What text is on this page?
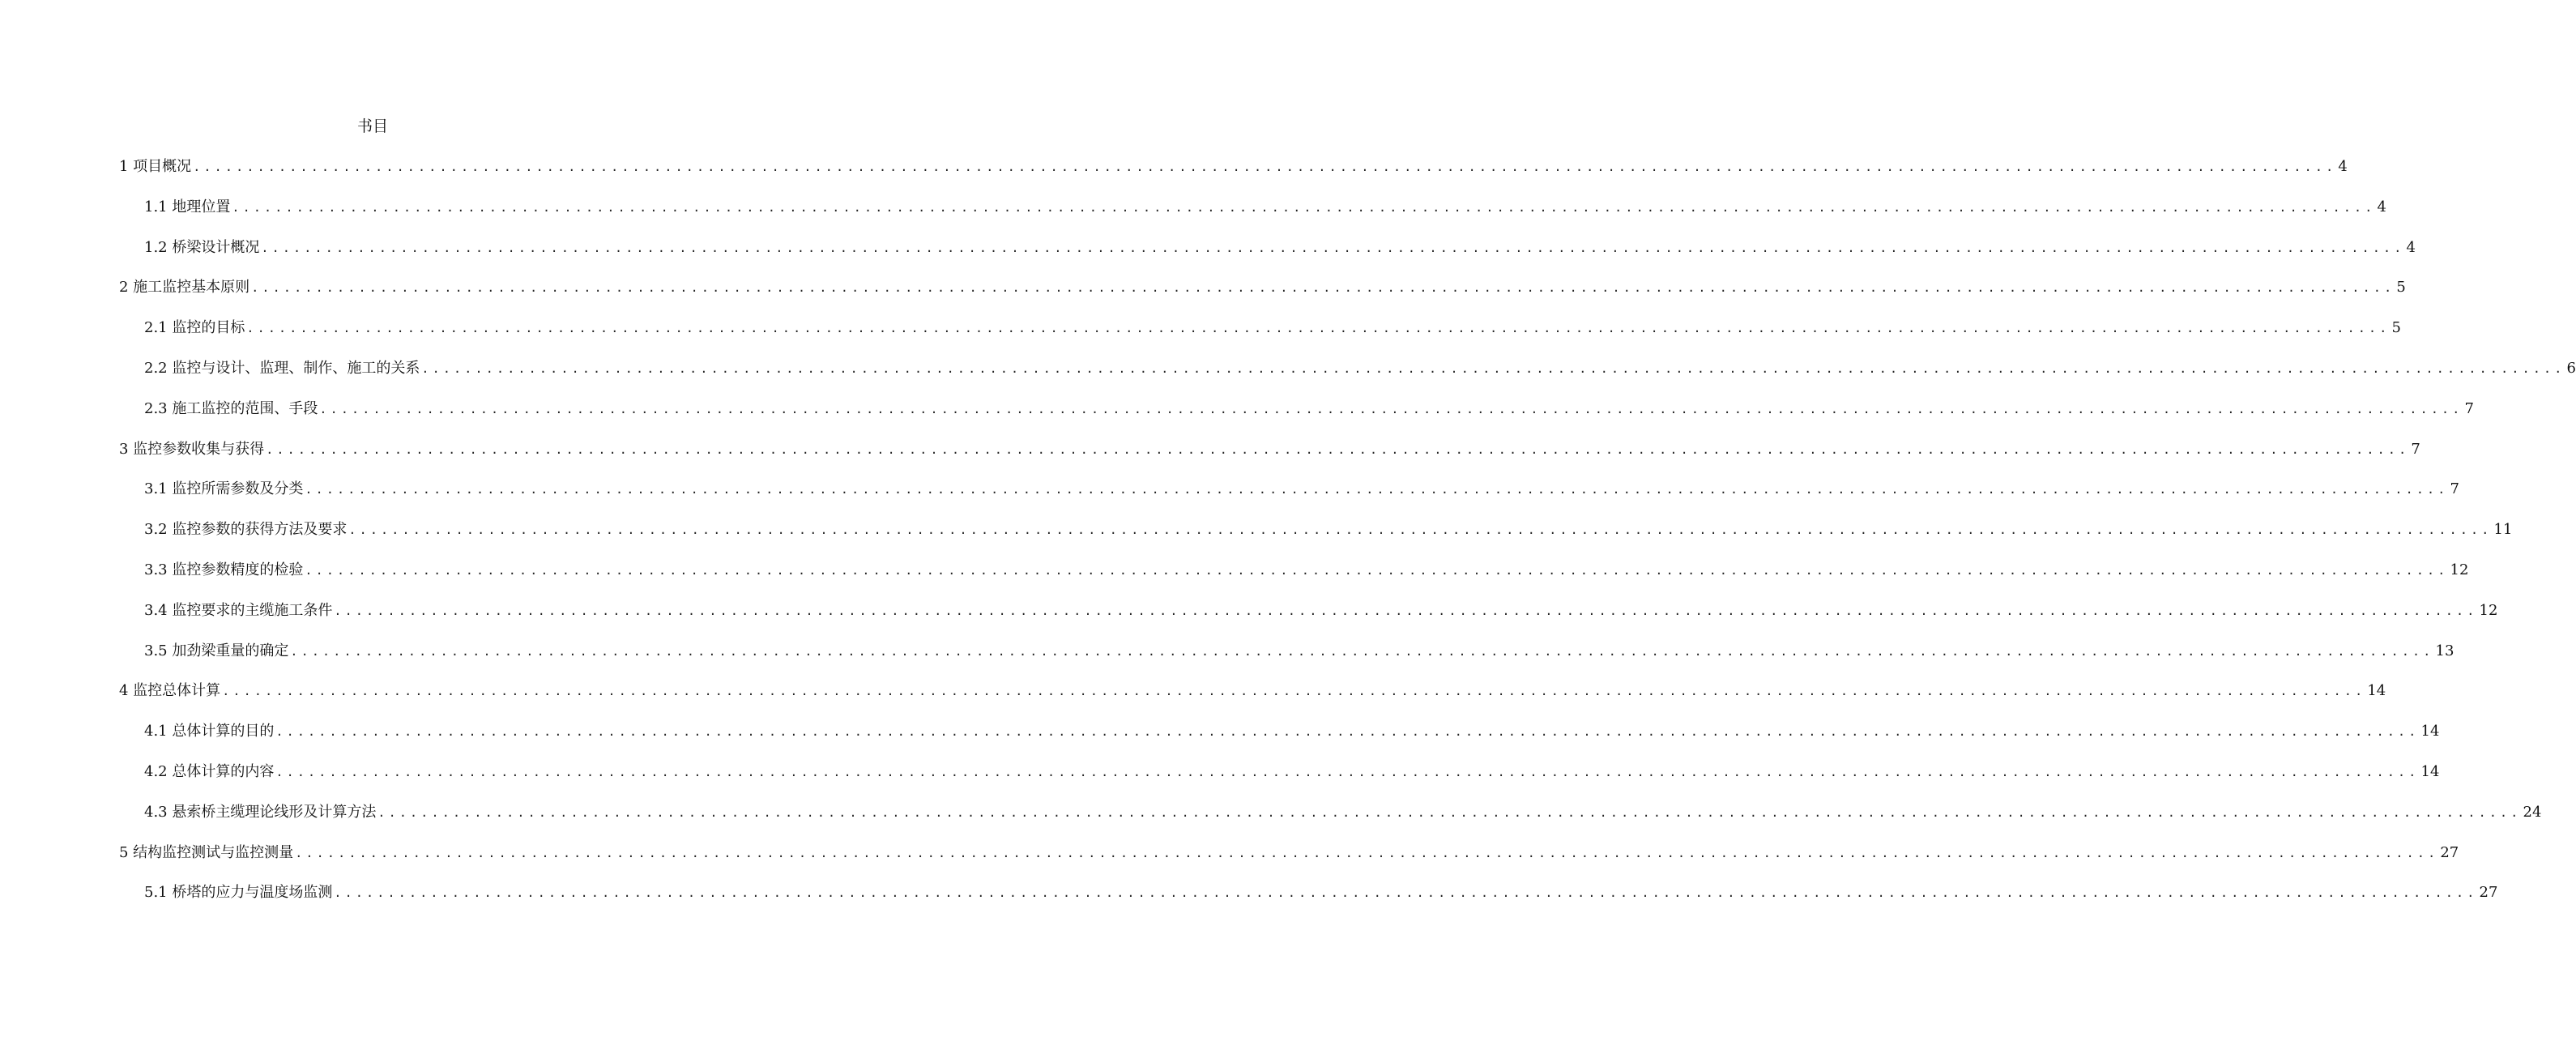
书目
1 项目概况 ........................................................................................................................................................................................................ 4
1.1 地理位置 ........................................................................................................................................................................................................ 4
1.2 桥梁设计概况 ........................................................................................................................................................................................................ 4
2 施工监控基本原则 ........................................................................................................................................................................................................ 5
2.1 监控的目标 ........................................................................................................................................................................................................ 5
2.2 监控与设计、监理、制作、施工的关系 ........................................................................................................................................................................................................ 6
2.3 施工监控的范围、手段 ........................................................................................................................................................................................................ 7
3 监控参数收集与获得 ........................................................................................................................................................................................................ 7
3.1 监控所需参数及分类 ........................................................................................................................................................................................................ 7
3.2 监控参数的获得方法及要求 ........................................................................................................................................................................................................ 11
3.3 监控参数精度的检验 ........................................................................................................................................................................................................ 12
3.4 监控要求的主缆施工条件 ........................................................................................................................................................................................................ 12
3.5 加劲梁重量的确定 ........................................................................................................................................................................................................ 13
4 监控总体计算 ........................................................................................................................................................................................................ 14
4.1 总体计算的目的 ........................................................................................................................................................................................................ 14
4.2 总体计算的内容 ........................................................................................................................................................................................................ 14
4.3 悬索桥主缆理论线形及计算方法 ........................................................................................................................................................................................................ 24
5 结构监控测试与监控测量 ........................................................................................................................................................................................................ 27
5.1 桥塔的应力与温度场监测 ........................................................................................................................................................................................................ 27
